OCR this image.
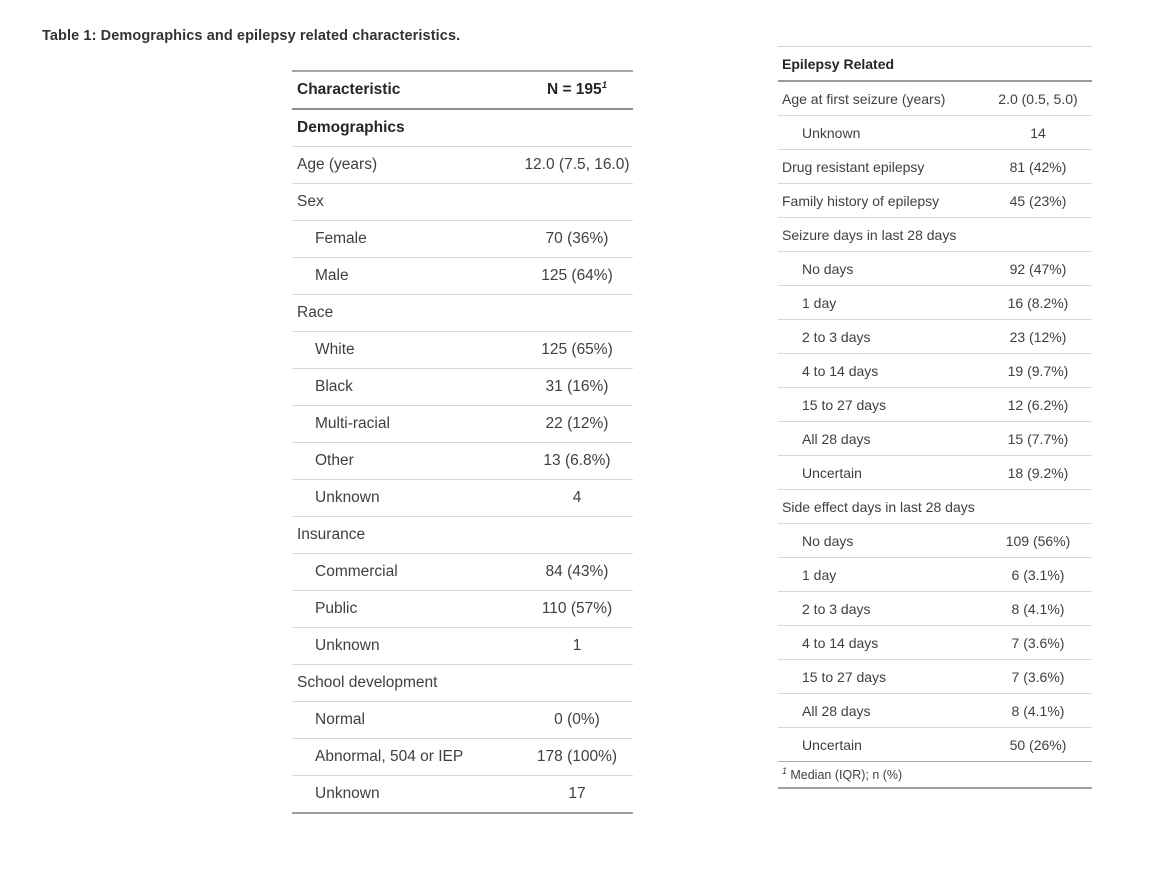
Table 1: Demographics and epilepsy related characteristics.
Characteristic	N = 195$^1$
Demographics
Age (years)	12.0 (7.5, 16.0)
Sex
Female	70 (36%)
Male	125 (64%)
Race
White	125 (65%)
Black	31 (16%)
Multi-racial	22 (12%)
Other	13 (6.8%)
Unknown	4
Insurance
Commercial	84 (43%)
Public	110 (57%)
Unknown	1
School development
Normal	0 (0%)
Abnormal, 504 or IEP	178 (100%)
Unknown	17
Epilepsy Related
Age at first seizure (years)	2.0 (0.5, 5.0)
Unknown	14
Drug resistant epilepsy	81 (42%)
Family history of epilepsy	45 (23%)
Seizure days in last 28 days
No days	92 (47%)
1 day	16 (8.2%)
2 to 3 days	23 (12%)
4 to 14 days	19 (9.7%)
15 to 27 days	12 (6.2%)
All 28 days	15 (7.7%)
Uncertain	18 (9.2%)
Side effect days in last 28 days
No days	109 (56%)
1 day	6 (3.1%)
2 to 3 days	8 (4.1%)
4 to 14 days	7 (3.6%)
15 to 27 days	7 (3.6%)
All 28 days	8 (4.1%)
Uncertain	50 (26%)
$^1$ Median (IQR); n (%)
